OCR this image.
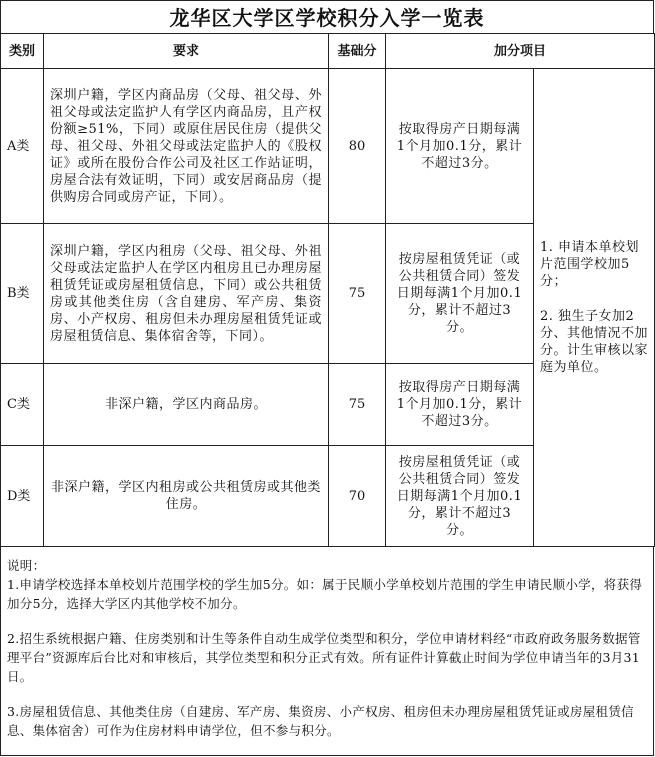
龙华区大学区学校积分入学一览表
类别	要求	基础分	加分项目	
A类	深圳户籍，学区内商品房（父母、祖父母、外祖父母或法定监护人有学区内商品房，且产权份额≥51%，下同）或原住居民住房（提供父母、祖父母、外祖父母或法定监护人的《股权证》或所在股份合作公司及社区工作站证明，房屋合法有效证明，下同）或安居商品房（提供购房合同或房产证，下同）。	80	按取得房产日期每满1个月加0.1分，累计不超过3分。	1. 申请本单校划片范围学校加5分；
2. 独生子女加2分、其他情况不加分。计生审核以家庭为单位。

B类	深圳户籍，学区内租房（父母、祖父母、外祖父母或法定监护人在学区内租房且已办理房屋租赁凭证或房屋租赁信息，下同）或公共租赁房或其他类住房（含自建房、军产房、集资房、小产权房、租房但未办理房屋租赁凭证或房屋租赁信息、集体宿舍等，下同）。	75	按房屋租赁凭证（或公共租赁合同）签发日期每满1个月加0.1分，累计不超过3分。	
C类	非深户籍，学区内商品房。	75	按取得房产日期每满1个月加0.1分，累计不超过3分。	
D类	非深户籍，学区内租房或公共租赁房或其他类住房。	70	按房屋租赁凭证（或公共租赁合同）签发日期每满1个月加0.1分，累计不超过3分。	

说明：

1.申请学校选择本单校划片范围学校的学生加5分。如：属于民顺小学单校划片范围的学生申请民顺小学，将获得加分5分，选择大学区内其他学校不加分。

2.招生系统根据户籍、住房类别和计生等条件自动生成学位类型和积分，学位申请材料经“市政府政务服务数据管理平台”资源库后台比对和审核后，其学位类型和积分正式有效。所有证件计算截止时间为学位申请当年的3月31日。

3.房屋租赁信息、其他类住房（自建房、军产房、集资房、小产权房、租房但未办理房屋租赁凭证或房屋租赁信息、集体宿舍）可作为住房材料申请学位，但不参与积分。
